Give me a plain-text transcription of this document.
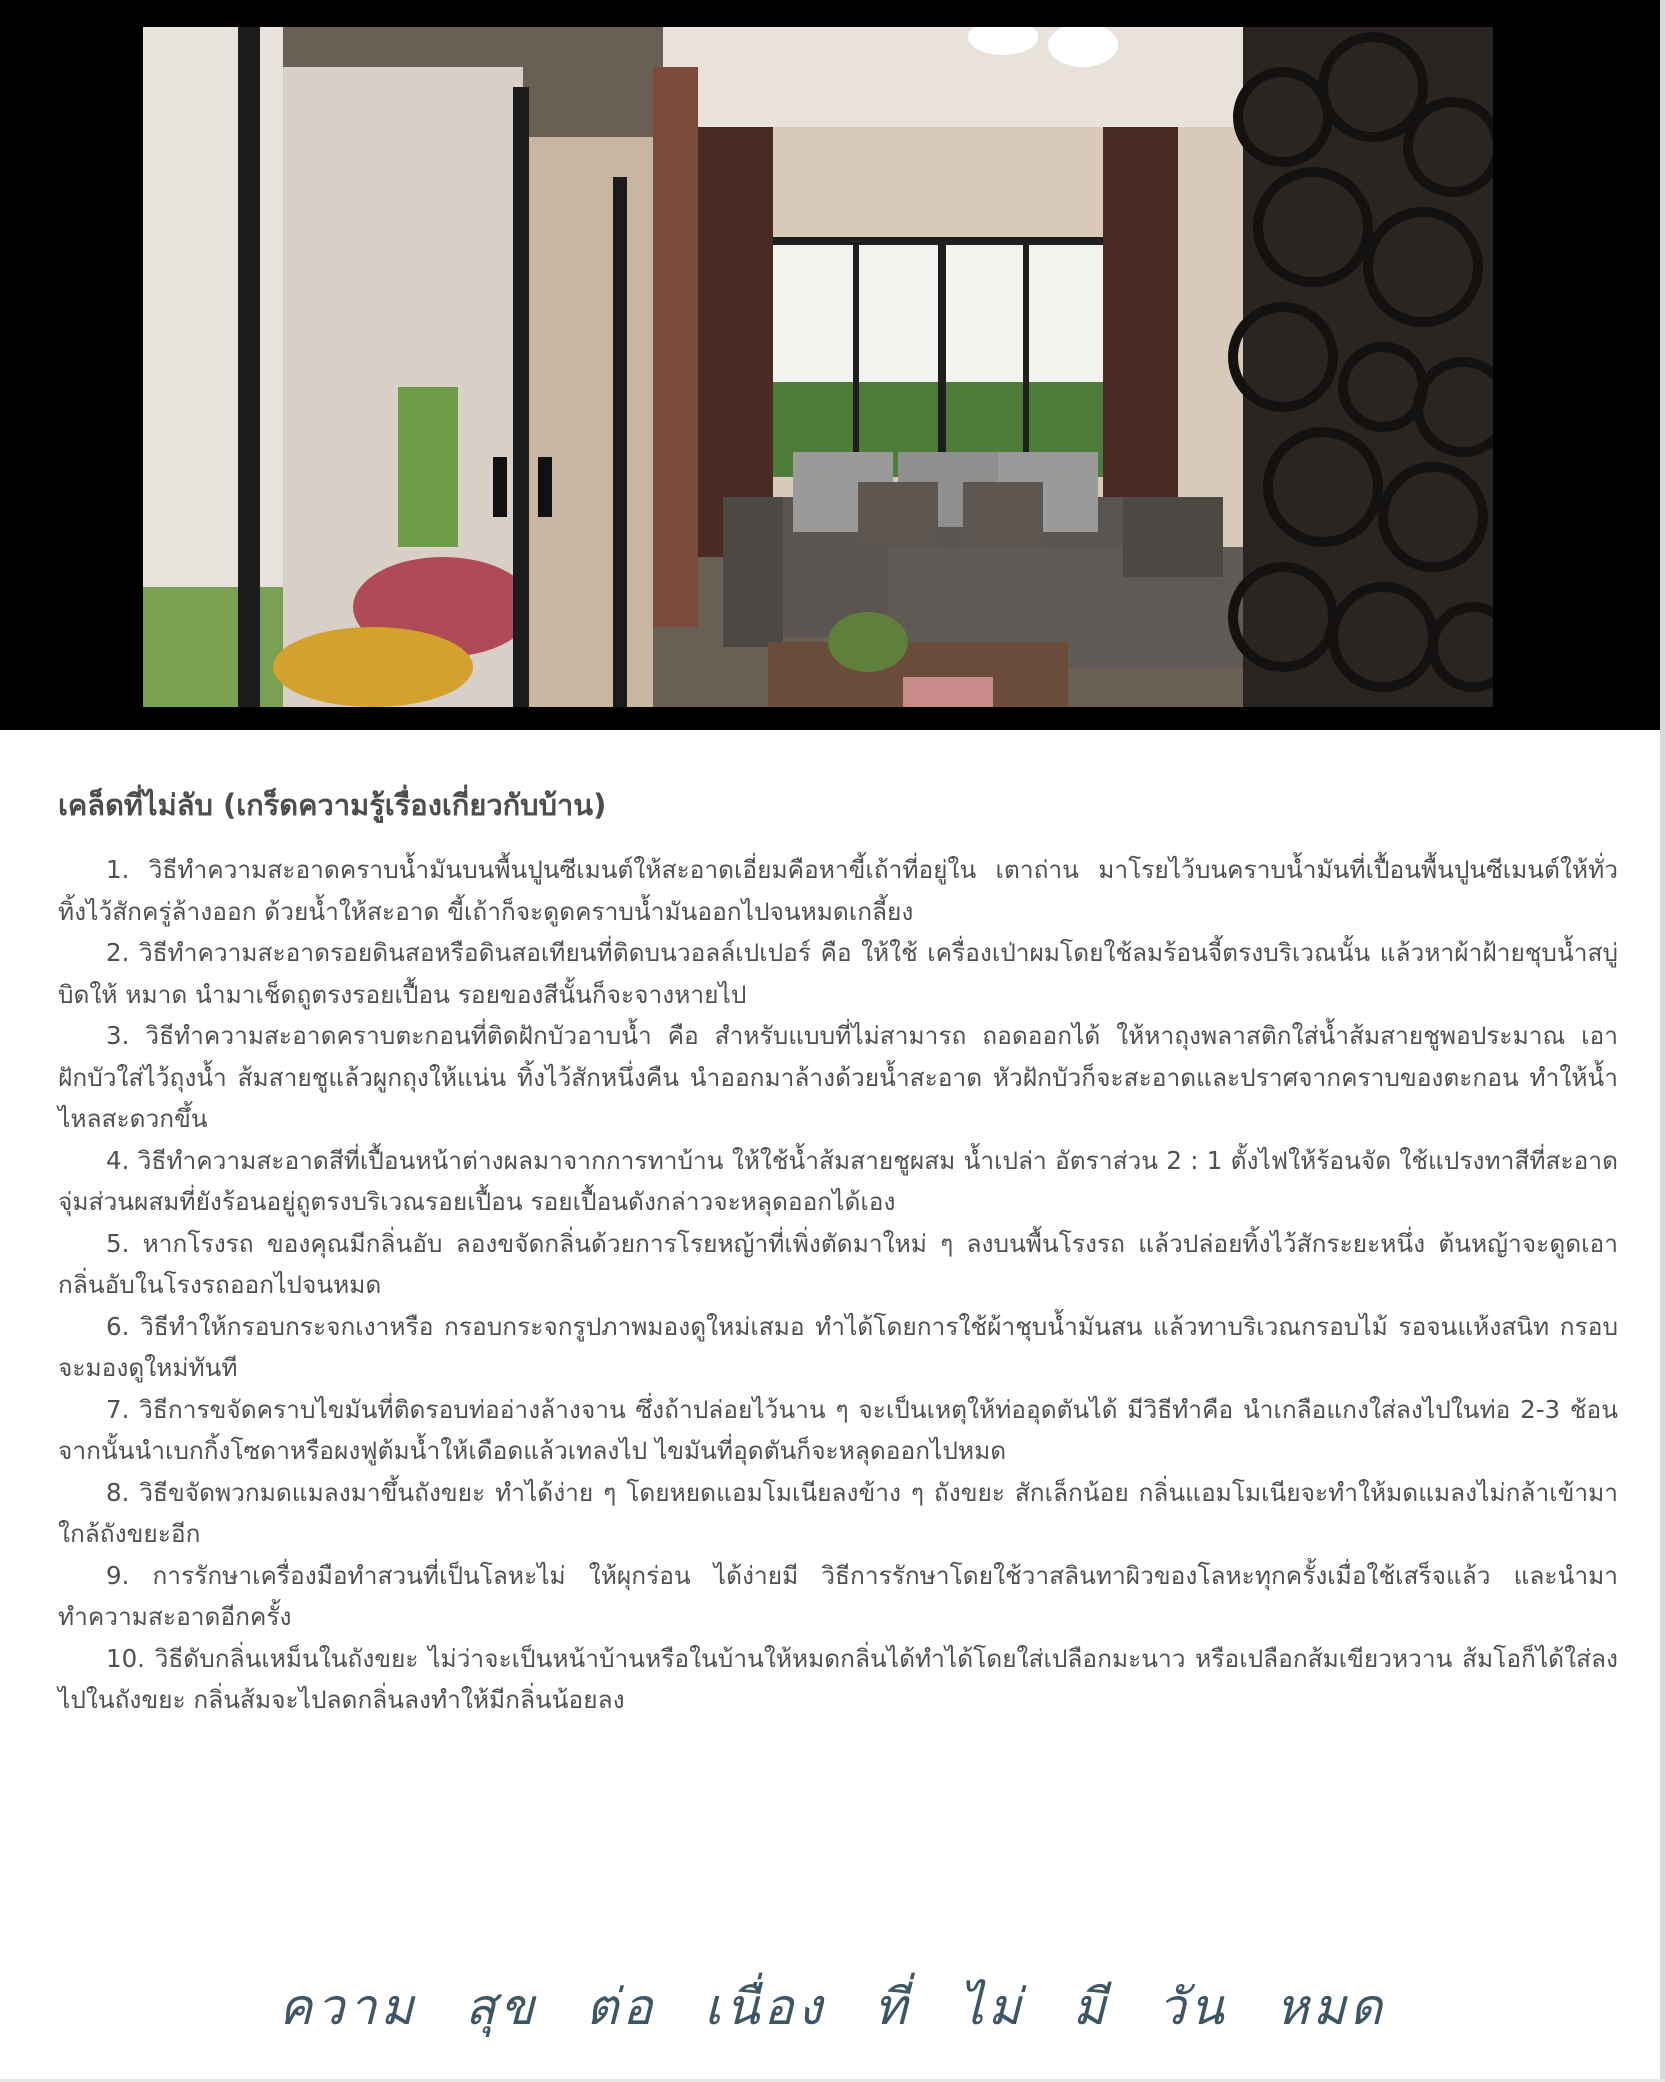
เคล็ดที่ไม่ลับ (เกร็ดความรู้เรื่องเกี่ยวกับบ้าน)
1. วิธีทำความสะอาดคราบน้ำมันบนพื้นปูนซีเมนต์ให้สะอาดเอี่ยมคือหาขี้เถ้าที่อยู่ใน เตาถ่าน มาโรยไว้บนคราบน้ำมันที่เปื้อนพื้นปูนซีเมนต์ให้ทั่ว ทิ้งไว้สักครู่ล้างออก ด้วยน้ำให้สะอาด ขี้เถ้าก็จะดูดคราบน้ำมันออกไปจนหมดเกลี้ยง
2. วิธีทำความสะอาดรอยดินสอหรือดินสอเทียนที่ติดบนวอลล์เปเปอร์ คือ ให้ใช้ เครื่องเป่าผมโดยใช้ลมร้อนจี้ตรงบริเวณนั้น แล้วหาผ้าฝ้ายชุบน้ำสบู่บิดให้ หมาด นำมาเช็ดถูตรงรอยเปื้อน รอยของสีนั้นก็จะจางหายไป
3. วิธีทำความสะอาดคราบตะกอนที่ติดฝักบัวอาบน้ำ คือ สำหรับแบบที่ไม่สามารถ ถอดออกได้ ให้หาถุงพลาสติกใส่น้ำส้มสายชูพอประมาณ เอาฝักบัวใส่ไว้ถุงน้ำ ส้มสายชูแล้วผูกถุงให้แน่น ทิ้งไว้สักหนึ่งคืน นำออกมาล้างด้วยน้ำสะอาด หัวฝักบัวก็จะสะอาดและปราศจากคราบของตะกอน ทำให้น้ำไหลสะดวกขึ้น
4. วิธีทำความสะอาดสีที่เปื้อนหน้าต่างผลมาจากการทาบ้าน ให้ใช้น้ำส้มสายชูผสม น้ำเปล่า อัตราส่วน 2 : 1 ตั้งไฟให้ร้อนจัด ใช้แปรงทาสีที่สะอาดจุ่มส่วนผสมที่ยังร้อนอยู่ถูตรงบริเวณรอยเปื้อน รอยเปื้อนดังกล่าวจะหลุดออกได้เอง
5. หากโรงรถ ของคุณมีกลิ่นอับ ลองขจัดกลิ่นด้วยการโรยหญ้าที่เพิ่งตัดมาใหม่ ๆ ลงบนพื้นโรงรถ แล้วปล่อยทิ้งไว้สักระยะหนึ่ง ต้นหญ้าจะดูดเอากลิ่นอับในโรงรถออกไปจนหมด
6. วิธีทำให้กรอบกระจกเงาหรือ กรอบกระจกรูปภาพมองดูใหม่เสมอ ทำได้โดยการใช้ผ้าชุบน้ำมันสน แล้วทาบริเวณกรอบไม้ รอจนแห้งสนิท กรอบจะมองดูใหม่ทันที
7. วิธีการขจัดคราบไขมันที่ติดรอบท่ออ่างล้างจาน ซึ่งถ้าปล่อยไว้นาน ๆ จะเป็นเหตุให้ท่ออุดตันได้ มีวิธีทำคือ นำเกลือแกงใส่ลงไปในท่อ 2-3 ช้อน จากนั้นนำเบกกิ้งโซดาหรือผงฟูต้มน้ำให้เดือดแล้วเทลงไป ไขมันที่อุดตันก็จะหลุดออกไปหมด
8. วิธีขจัดพวกมดแมลงมาขึ้นถังขยะ ทำได้ง่าย ๆ โดยหยดแอมโมเนียลงข้าง ๆ ถังขยะ สักเล็กน้อย กลิ่นแอมโมเนียจะทำให้มดแมลงไม่กล้าเข้ามาใกล้ถังขยะอีก
9. การรักษาเครื่องมือทำสวนที่เป็นโลหะไม่ ให้ผุกร่อน ได้ง่ายมี วิธีการรักษาโดยใช้วาสลินทาผิวของโลหะทุกครั้งเมื่อใช้เสร็จแล้ว และนำมาทำความสะอาดอีกครั้ง
10. วิธีดับกลิ่นเหม็นในถังขยะ ไม่ว่าจะเป็นหน้าบ้านหรือในบ้านให้หมดกลิ่นได้ทำได้โดยใส่เปลือกมะนาว หรือเปลือกส้มเขียวหวาน ส้มโอก็ได้ใส่ลงไปในถังขยะ กลิ่นส้มจะไปลดกลิ่นลงทำให้มีกลิ่นน้อยลง
ความ สุข ต่อ เนื่อง ที่ ไม่ มี วัน หมด
